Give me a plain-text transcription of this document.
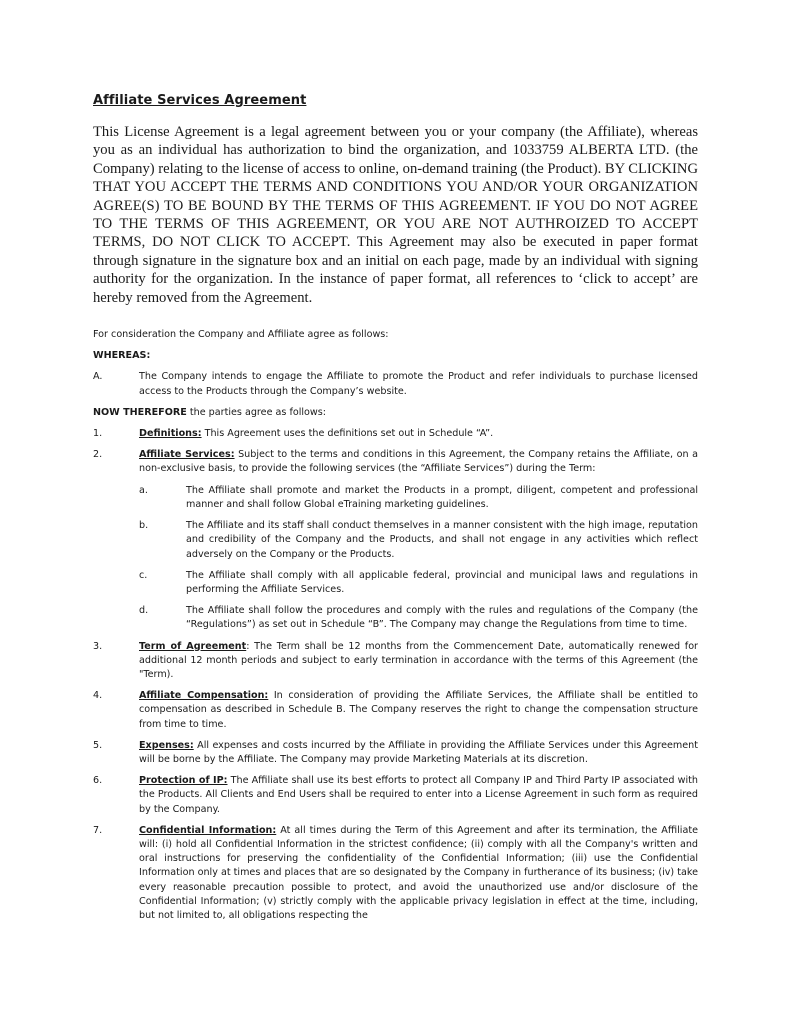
Affiliate Services Agreement
This License Agreement is a legal agreement between you or your company (the Affiliate), whereas you as an individual has authorization to bind the organization, and 1033759 ALBERTA LTD. (the Company) relating to the license of access to online, on-demand training (the Product). BY CLICKING THAT YOU ACCEPT THE TERMS AND CONDITIONS YOU AND/OR YOUR ORGANIZATION AGREE(S) TO BE BOUND BY THE TERMS OF THIS AGREEMENT. IF YOU DO NOT AGREE TO THE TERMS OF THIS AGREEMENT, OR YOU ARE NOT AUTHROIZED TO ACCEPT TERMS, DO NOT CLICK TO ACCEPT. This Agreement may also be executed in paper format through signature in the signature box and an initial on each page, made by an individual with signing authority for the organization. In the instance of paper format, all references to ‘click to accept’ are hereby removed from the Agreement.
For consideration the Company and Affiliate agree as follows:
WHEREAS:
A.	The Company intends to engage the Affiliate to promote the Product and refer individuals to purchase licensed access to the Products through the Company’s website.
NOW THEREFORE the parties agree as follows:
1.	Definitions: This Agreement uses the definitions set out in Schedule “A”.
2.	Affiliate Services: Subject to the terms and conditions in this Agreement, the Company retains the Affiliate, on a non-exclusive basis, to provide the following services (the “Affiliate Services”) during the Term:
a.	The Affiliate shall promote and market the Products in a prompt, diligent, competent and professional manner and shall follow Global eTraining marketing guidelines.
b.	The Affiliate and its staff shall conduct themselves in a manner consistent with the high image, reputation and credibility of the Company and the Products, and shall not engage in any activities which reflect adversely on the Company or the Products.
c.	The Affiliate shall comply with all applicable federal, provincial and municipal laws and regulations in performing the Affiliate Services.
d.	The Affiliate shall follow the procedures and comply with the rules and regulations of the Company (the “Regulations”) as set out in Schedule “B”. The Company may change the Regulations from time to time.
3.	Term of Agreement: The Term shall be 12 months from the Commencement Date, automatically renewed for additional 12 month periods and subject to early termination in accordance with the terms of this Agreement (the "Term).
4.	Affiliate Compensation: In consideration of providing the Affiliate Services, the Affiliate shall be entitled to compensation as described in Schedule B. The Company reserves the right to change the compensation structure from time to time.
5.	Expenses: All expenses and costs incurred by the Affiliate in providing the Affiliate Services under this Agreement will be borne by the Affiliate. The Company may provide Marketing Materials at its discretion.
6.	Protection of IP: The Affiliate shall use its best efforts to protect all Company IP and Third Party IP associated with the Products. All Clients and End Users shall be required to enter into a License Agreement in such form as required by the Company.
7.	Confidential Information: At all times during the Term of this Agreement and after its termination, the Affiliate will: (i) hold all Confidential Information in the strictest confidence; (ii) comply with all the Company's written and oral instructions for preserving the confidentiality of the Confidential Information; (iii) use the Confidential Information only at times and places that are so designated by the Company in furtherance of its business; (iv) take every reasonable precaution possible to protect, and avoid the unauthorized use and/or disclosure of the Confidential Information; (v) strictly comply with the applicable privacy legislation in effect at the time, including, but not limited to, all obligations respecting the
